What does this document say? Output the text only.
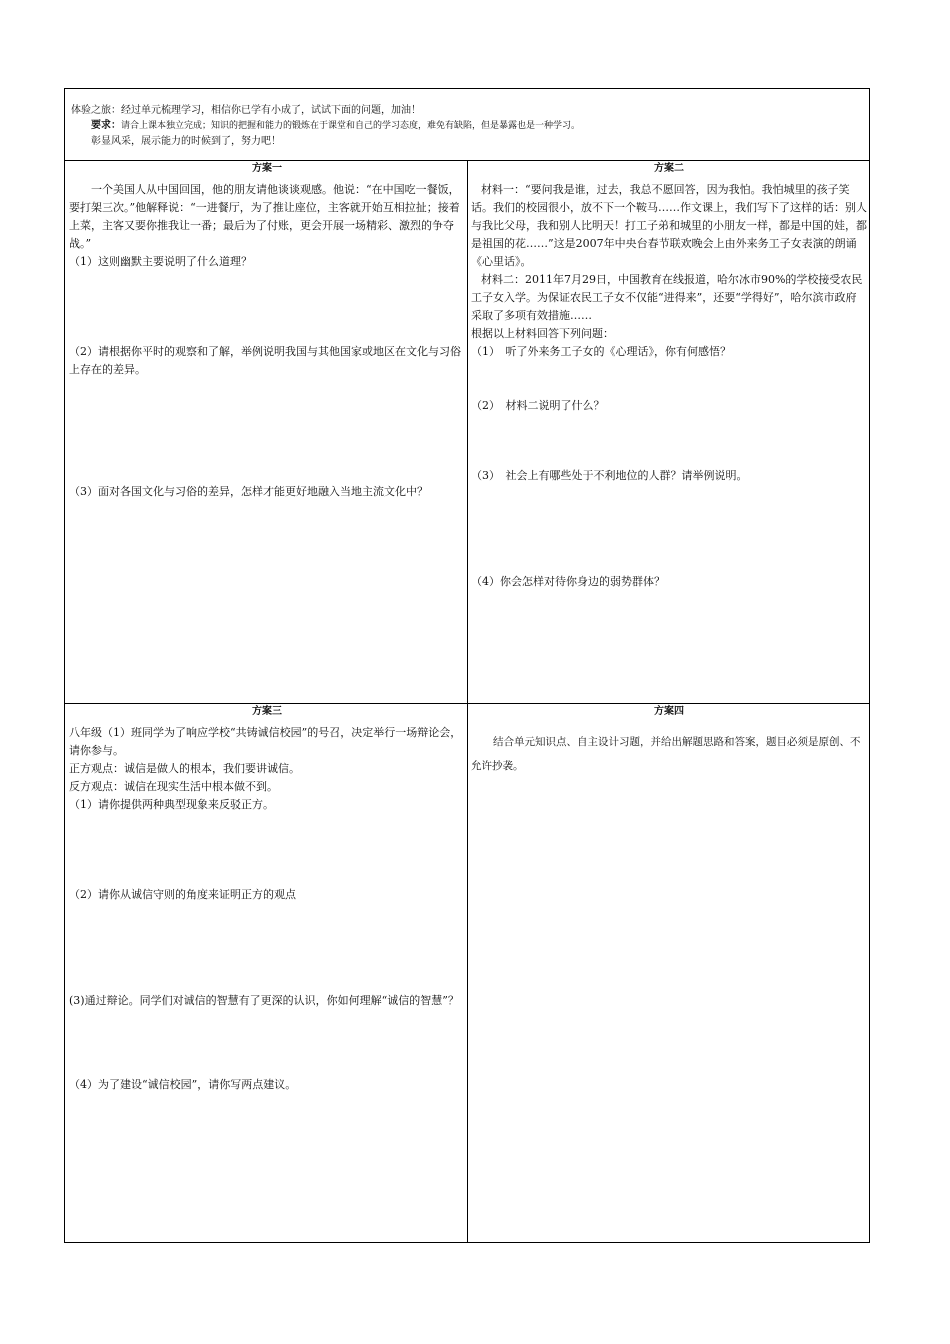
体验之旅：经过单元梳理学习，相信你已学有小成了，试试下面的问题，加油！
要求：请合上课本独立完成；知识的把握和能力的锻炼在于课堂和自己的学习态度，难免有缺陷，但是暴露也是一种学习。
彰显风采，展示能力的时候到了，努力吧！
方案一

一个美国人从中国回国，他的朋友请他谈谈观感。他说：“在中国吃一餐饭，要打架三次。”他解释说：“一进餐厅，为了推让座位，主客就开始互相拉扯；接着上菜，主客又要你推我让一番；最后为了付账，更会开展一场精彩、激烈的争夺战。”

（1）这则幽默主要说明了什么道理？

（2）请根据你平时的观察和了解，举例说明我国与其他国家或地区在文化与习俗上存在的差异。

（3）面对各国文化与习俗的差异，怎样才能更好地融入当地主流文化中？

方案二

材料一：“要问我是谁，过去，我总不愿回答，因为我怕。我怕城里的孩子笑话。我们的校园很小，放不下一个鞍马……作文课上，我们写下了这样的话：别人与我比父母，我和别人比明天！打工子弟和城里的小朋友一样，都是中国的娃，都是祖国的花……”这是2007年中央台春节联欢晚会上由外来务工子女表演的朗诵《心里话》。

材料二：2011年7月29日，中国教育在线报道，哈尔冰市90%的学校接受农民工子女入学。为保证农民工子女不仅能“进得来”，还要“学得好”，哈尔滨市政府采取了多项有效措施……

根据以上材料回答下列问题：

（1）　听了外来务工子女的《心理话》，你有何感悟？

（2）　材料二说明了什么？

（3）　社会上有哪些处于不利地位的人群？请举例说明。

（4）你会怎样对待你身边的弱势群体？

方案三

八年级（1）班同学为了响应学校“共铸诚信校园”的号召，决定举行一场辩论会，请你参与。

正方观点：诚信是做人的根本，我们要讲诚信。

反方观点：诚信在现实生活中根本做不到。

（1）请你提供两种典型现象来反驳正方。

（2）请你从诚信守则的角度来证明正方的观点

(3)通过辩论。同学们对诚信的智慧有了更深的认识，你如何理解“诚信的智慧”？

（4）为了建设“诚信校园”，请你写两点建议。

方案四

结合单元知识点、自主设计习题，并给出解题思路和答案，题目必须是原创、不允许抄袭。
